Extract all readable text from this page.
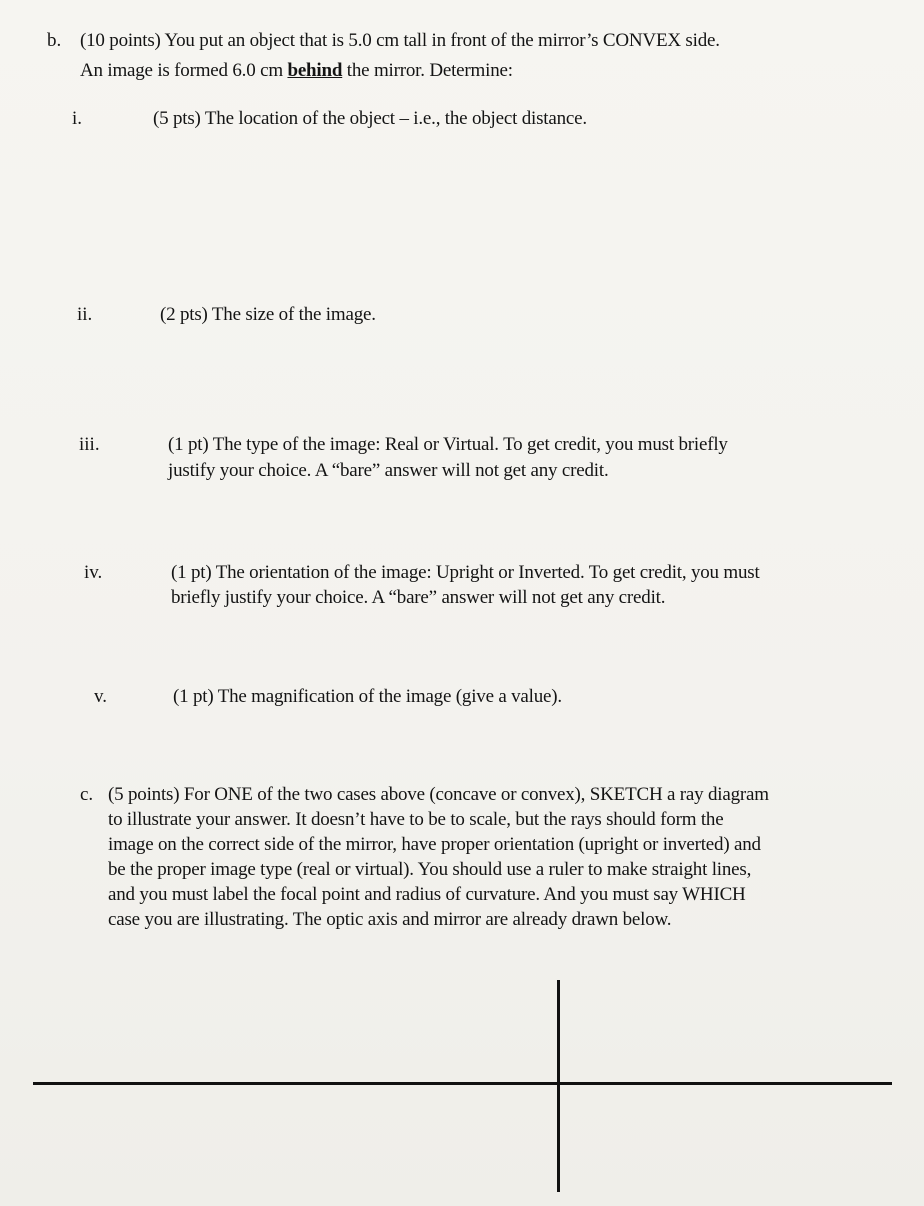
b. (10 points) You put an object that is 5.0 cm tall in front of the mirror’s CONVEX side.
An image is formed 6.0 cm behind the mirror. Determine:
i.	(5 pts) The location of the object – i.e., the object distance.
ii.	(2 pts) The size of the image.
iii.	(1 pt) The type of the image: Real or Virtual. To get credit, you must briefly
justify your choice. A “bare” answer will not get any credit.
iv.	(1 pt) The orientation of the image: Upright or Inverted. To get credit, you must
briefly justify your choice. A “bare” answer will not get any credit.
v.	(1 pt) The magnification of the image (give a value).
c. (5 points) For ONE of the two cases above (concave or convex), SKETCH a ray diagram
to illustrate your answer. It doesn’t have to be to scale, but the rays should form the
image on the correct side of the mirror, have proper orientation (upright or inverted) and
be the proper image type (real or virtual). You should use a ruler to make straight lines,
and you must label the focal point and radius of curvature. And you must say WHICH
case you are illustrating. The optic axis and mirror are already drawn below.
